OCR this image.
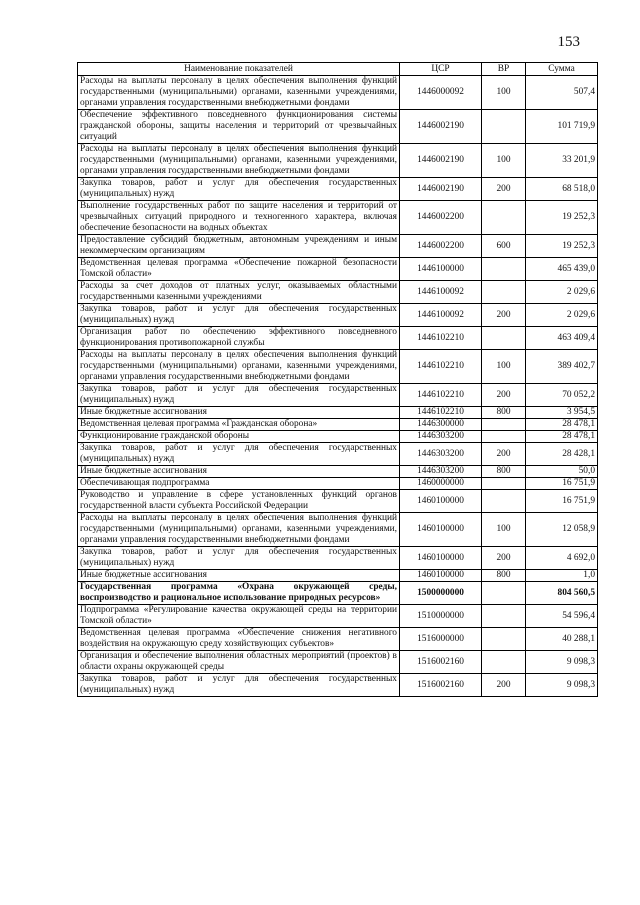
153
Наименование показателей	ЦСР	ВР	Сумма
Расходы на выплаты персоналу в целях обеспечения выполнения функций государственными (муниципальными) органами, казенными учреждениями, органами управления государственными внебюджетными фондами	1446000092	100	507,4
Обеспечение эффективного повседневного функционирования системы гражданской обороны, защиты населения и территорий от чрезвычайных ситуаций	1446002190		101 719,9
Расходы на выплаты персоналу в целях обеспечения выполнения функций государственными (муниципальными) органами, казенными учреждениями, органами управления государственными внебюджетными фондами	1446002190	100	33 201,9
Закупка товаров, работ и услуг для обеспечения государственных (муниципальных) нужд	1446002190	200	68 518,0
Выполнение государственных работ по защите населения и территорий от чрезвычайных ситуаций природного и техногенного характера, включая обеспечение безопасности на водных объектах	1446002200		19 252,3
Предоставление субсидий бюджетным, автономным учреждениям и иным некоммерческим организациям	1446002200	600	19 252,3
Ведомственная целевая программа «Обеспечение пожарной безопасности Томской области»	1446100000		465 439,0
Расходы за счет доходов от платных услуг, оказываемых областными государственными казенными учреждениями	1446100092		2 029,6
Закупка товаров, работ и услуг для обеспечения государственных (муниципальных) нужд	1446100092	200	2 029,6
Организация работ по обеспечению эффективного повседневного функционирования противопожарной службы	1446102210		463 409,4
Расходы на выплаты персоналу в целях обеспечения выполнения функций государственными (муниципальными) органами, казенными учреждениями, органами управления государственными внебюджетными фондами	1446102210	100	389 402,7
Закупка товаров, работ и услуг для обеспечения государственных (муниципальных) нужд	1446102210	200	70 052,2
Иные бюджетные ассигнования	1446102210	800	3 954,5
Ведомственная целевая программа «Гражданская оборона»	1446300000		28 478,1
Функционирование гражданской обороны	1446303200		28 478,1
Закупка товаров, работ и услуг для обеспечения государственных (муниципальных) нужд	1446303200	200	28 428,1
Иные бюджетные ассигнования	1446303200	800	50,0
Обеспечивающая подпрограмма	1460000000		16 751,9
Руководство и управление в сфере установленных функций органов государственной власти субъекта Российской Федерации	1460100000		16 751,9
Расходы на выплаты персоналу в целях обеспечения выполнения функций государственными (муниципальными) органами, казенными учреждениями, органами управления государственными внебюджетными фондами	1460100000	100	12 058,9
Закупка товаров, работ и услуг для обеспечения государственных (муниципальных) нужд	1460100000	200	4 692,0
Иные бюджетные ассигнования	1460100000	800	1,0
Государственная программа «Охрана окружающей среды, воспроизводство и рациональное использование природных ресурсов»	1500000000		804 560,5
Подпрограмма «Регулирование качества окружающей среды на территории Томской области»	1510000000		54 596,4
Ведомственная целевая программа «Обеспечение снижения негативного воздействия на окружающую среду хозяйствующих субъектов»	1516000000		40 288,1
Организация и обеспечение выполнения областных мероприятий (проектов) в области охраны окружающей среды	1516002160		9 098,3
Закупка товаров, работ и услуг для обеспечения государственных (муниципальных) нужд	1516002160	200	9 098,3
